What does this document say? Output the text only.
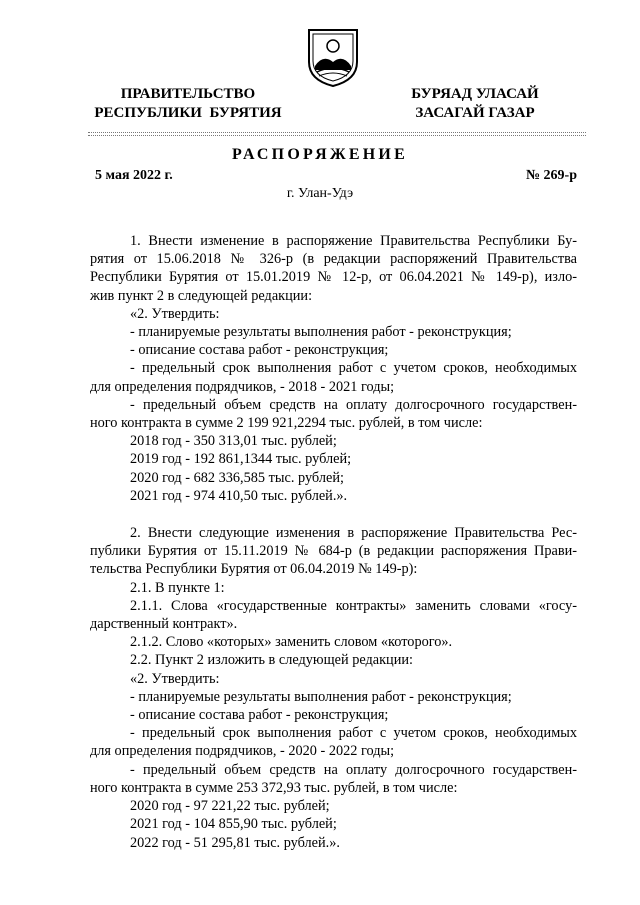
ПРАВИТЕЛЬСТВО
РЕСПУБЛИКИ  БУРЯТИЯ
БУРЯАД УЛАСАЙ
ЗАСАГАЙ ГАЗАР
РАСПОРЯЖЕНИЕ
5 мая 2022 г.	№ 269-р
г. Улан-Удэ

1. Внести изменение в распоряжение Правительства Республики Бу-

рятия от 15.06.2018 № 326-р (в редакции распоряжений Правительства

Республики Бурятия от 15.01.2019 № 12-р, от 06.04.2021 № 149-р), изло-

жив пункт 2 в следующей редакции:

«2. Утвердить:

- планируемые результаты выполнения работ - реконструкция;

- описание состава работ - реконструкция;

- предельный срок выполнения работ с учетом сроков, необходимых

для определения подрядчиков, - 2018 - 2021 годы;

- предельный объем средств на оплату долгосрочного государствен-

ного контракта в сумме 2 199 921,2294 тыс. рублей, в том числе:

2018 год - 350 313,01 тыс. рублей;

2019 год - 192 861,1344 тыс. рублей;

2020 год - 682 336,585 тыс. рублей;

2021 год - 974 410,50 тыс. рублей.».

2. Внести следующие изменения в распоряжение Правительства Рес-

публики Бурятия от 15.11.2019 № 684-р (в редакции распоряжения Прави-

тельства Республики Бурятия от 06.04.2019 № 149-р):

2.1. В пункте 1:

2.1.1. Слова «государственные контракты» заменить словами «госу-

дарственный контракт».

2.1.2. Слово «которых» заменить словом «которого».

2.2. Пункт 2 изложить в следующей редакции:

«2. Утвердить:

- планируемые результаты выполнения работ - реконструкция;

- описание состава работ - реконструкция;

- предельный срок выполнения работ с учетом сроков, необходимых

для определения подрядчиков, - 2020 - 2022 годы;

- предельный объем средств на оплату долгосрочного государствен-

ного контракта в сумме 253 372,93 тыс. рублей, в том числе:

2020 год - 97 221,22 тыс. рублей;

2021 год - 104 855,90 тыс. рублей;

2022 год - 51 295,81 тыс. рублей.».
